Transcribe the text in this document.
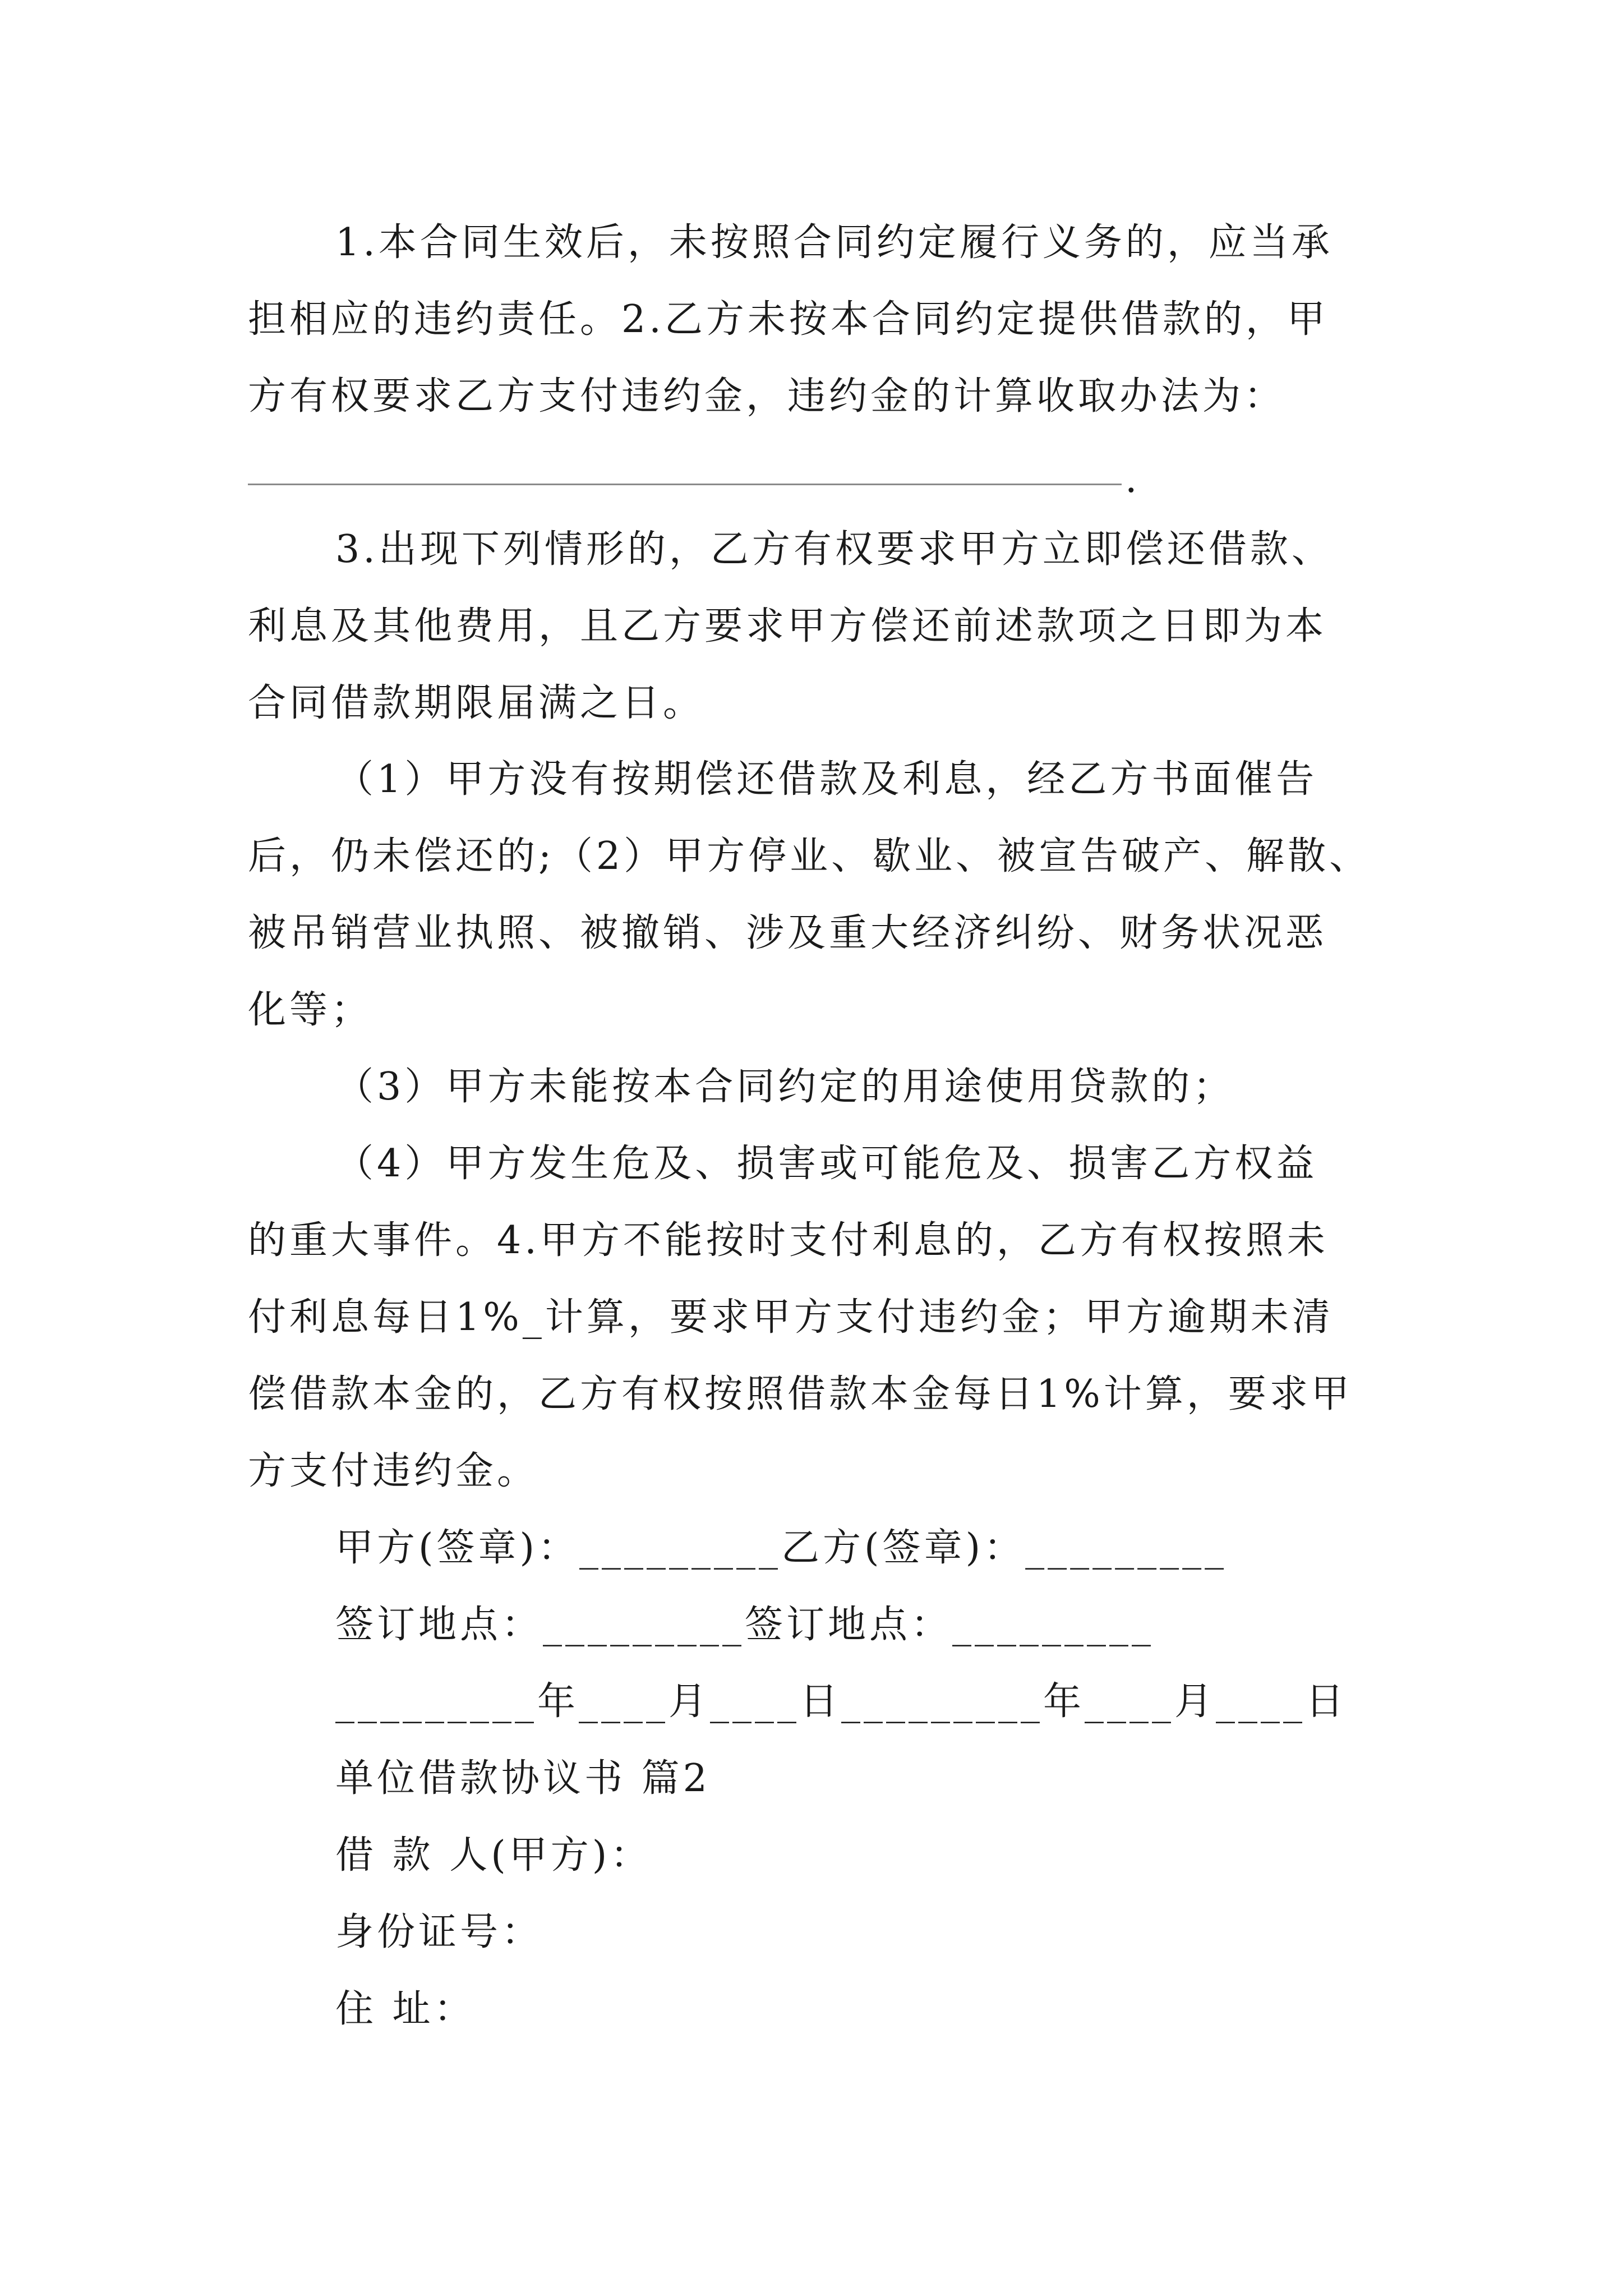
1.本合同生效后，未按照合同约定履行义务的，应当承
担相应的违约责任。2.乙方未按本合同约定提供借款的，甲
方有权要求乙方支付违约金，违约金的计算收取办法为：
.
3.出现下列情形的，乙方有权要求甲方立即偿还借款、
利息及其他费用，且乙方要求甲方偿还前述款项之日即为本
合同借款期限届满之日。
（1）甲方没有按期偿还借款及利息，经乙方书面催告
后，仍未偿还的;（2）甲方停业、歇业、被宣告破产、解散、
被吊销营业执照、被撤销、涉及重大经济纠纷、财务状况恶
化等；
（3）甲方未能按本合同约定的用途使用贷款的；
（4）甲方发生危及、损害或可能危及、损害乙方权益
的重大事件。4.甲方不能按时支付利息的，乙方有权按照未
付利息每日1%_计算，要求甲方支付违约金；甲方逾期未清
偿借款本金的，乙方有权按照借款本金每日1%计算，要求甲
方支付违约金。
甲方(签章)：_________乙方(签章)：_________
签订地点：_________签订地点：_________
_________年____月____日_________年____月____日
单位借款协议书 篇2
借 款 人(甲方)：
身份证号：
住 址：
